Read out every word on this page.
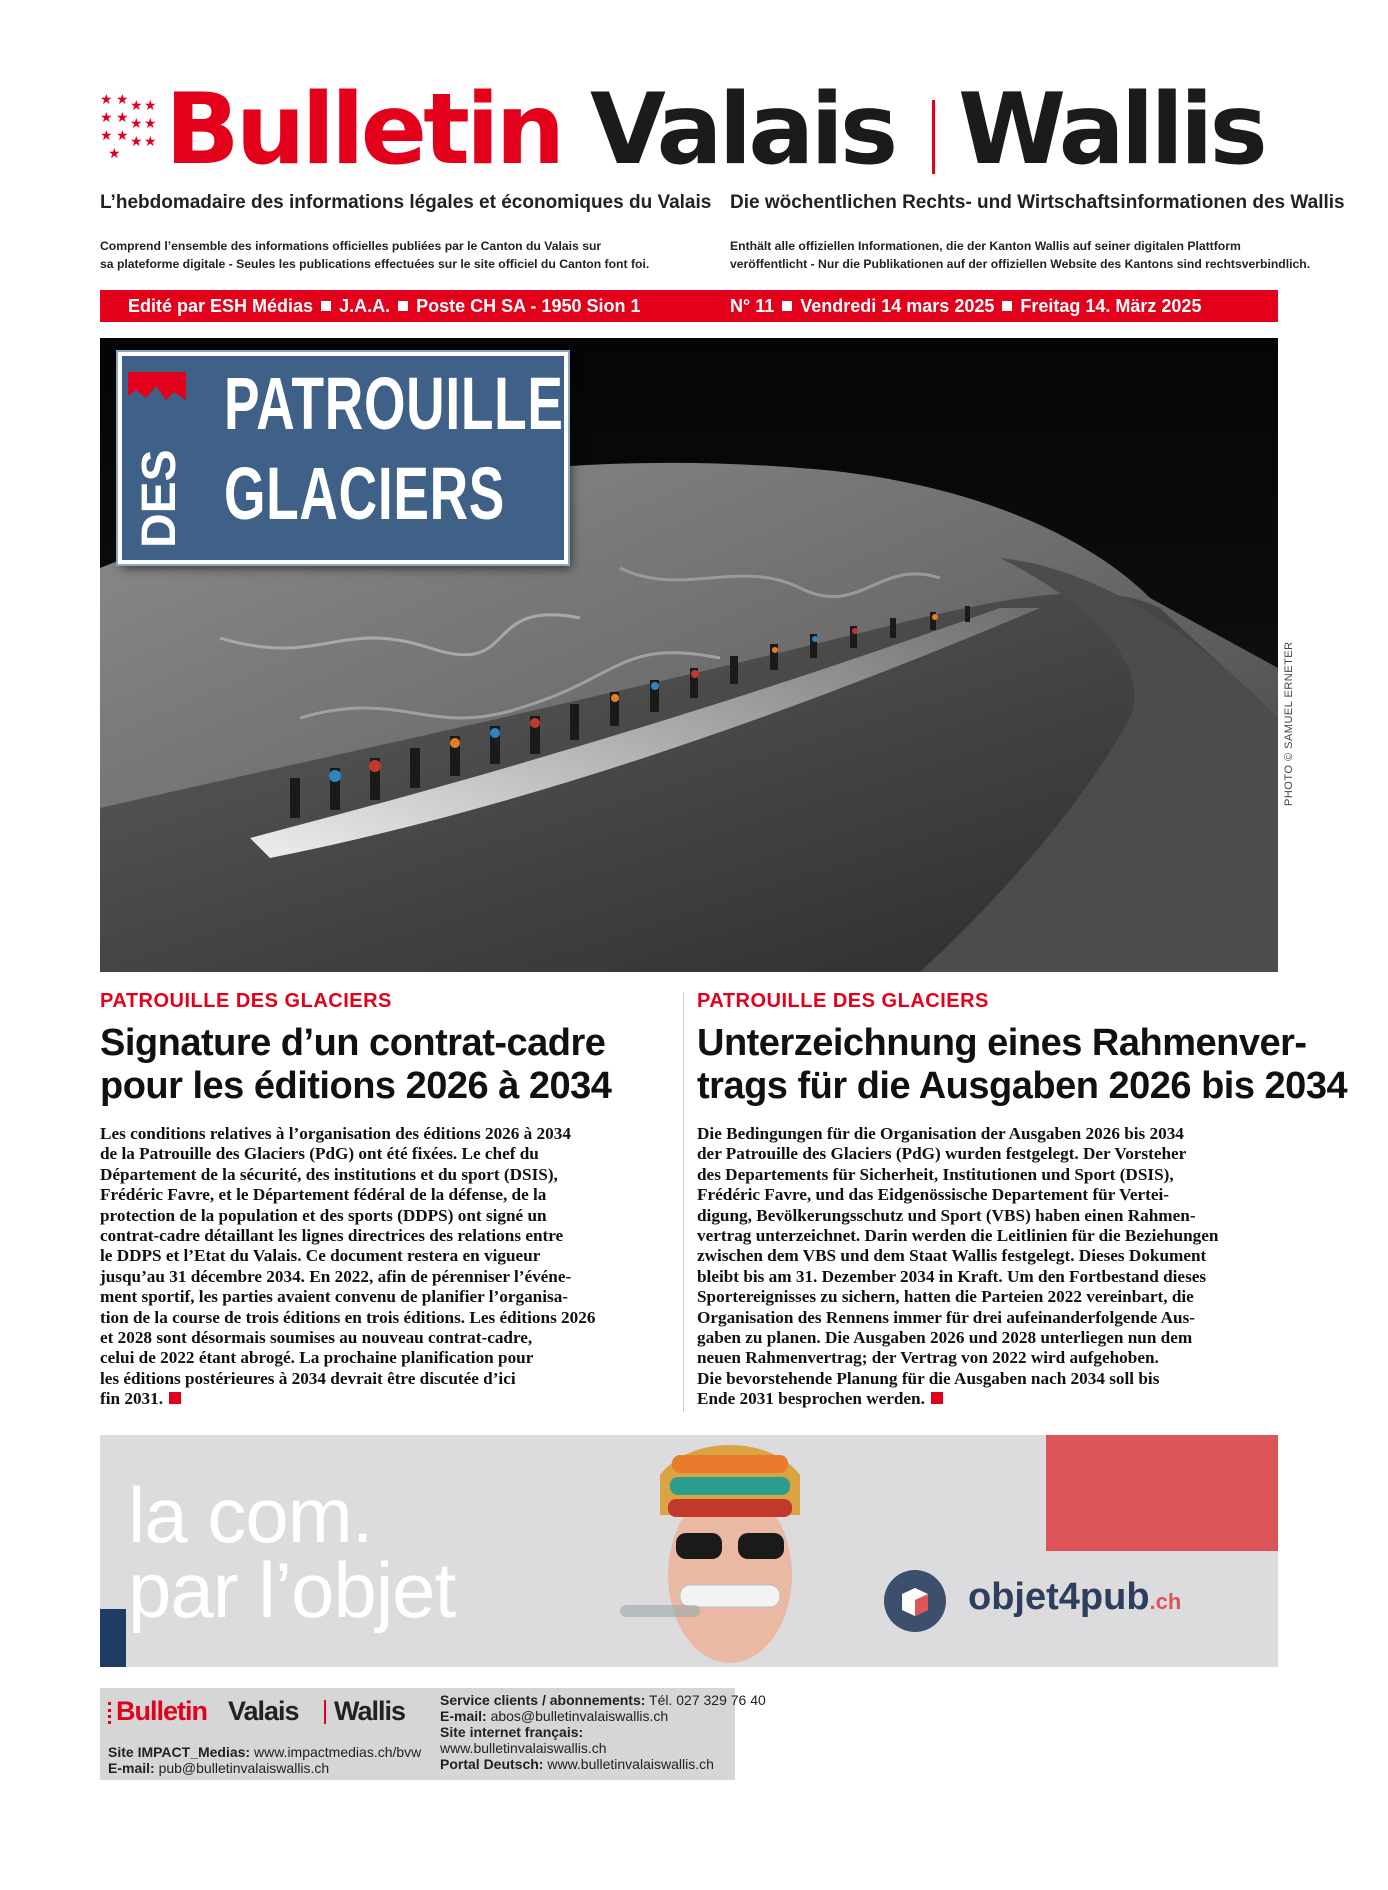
★ ★ ★ ★
★ ★ ★ ★
★ ★ ★ ★
★ Bulletin Valais Wallis
L’hebdomadaire des informations légales et économiques du Valais Die wöchentlichen Rechts- und Wirtschaftsinformationen des Wallis
Comprend l’ensemble des informations officielles publiées par le Canton du Valais sur
sa plateforme digitale - Seules les publications effectuées sur le site officiel du Canton font foi.
Enthält alle offiziellen Informationen, die der Kanton Wallis auf seiner digitalen Plattform
veröffentlicht - Nur die Publikationen auf der offiziellen Website des Kantons sind rechtsverbindlich.
Edité par ESH Médias J.A.A. Poste CH SA - 1950 Sion 1	N° 11 Vendredi 14 mars 2025 Freitag 14. März 2025
PATROUILLE
DES GLACIERS
PHOTO © SAMUEL ERNETER
PATROUILLE DES GLACIERS
Signature d’un contrat-cadre
pour les éditions 2026 à 2034
Les conditions relatives à l’organisation des éditions 2026 à 2034
de la Patrouille des Glaciers (PdG) ont été fixées. Le chef du
Département de la sécurité, des institutions et du sport (DSIS),
Frédéric Favre, et le Département fédéral de la défense, de la
protection de la population et des sports (DDPS) ont signé un
contrat-cadre détaillant les lignes directrices des relations entre
le DDPS et l’Etat du Valais. Ce document restera en vigueur
jusqu’au 31 décembre 2034. En 2022, afin de pérenniser l’événe-
ment sportif, les parties avaient convenu de planifier l’organisa-
tion de la course de trois éditions en trois éditions. Les éditions 2026
et 2028 sont désormais soumises au nouveau contrat-cadre,
celui de 2022 étant abrogé. La prochaine planification pour
les éditions postérieures à 2034 devrait être discutée d’ici
fin 2031.
PATROUILLE DES GLACIERS
Unterzeichnung eines Rahmenver-
trags für die Ausgaben 2026 bis 2034
Die Bedingungen für die Organisation der Ausgaben 2026 bis 2034
der Patrouille des Glaciers (PdG) wurden festgelegt. Der Vorsteher
des Departements für Sicherheit, Institutionen und Sport (DSIS),
Frédéric Favre, und das Eidgenössische Departement für Vertei-
digung, Bevölkerungsschutz und Sport (VBS) haben einen Rahmen-
vertrag unterzeichnet. Darin werden die Leitlinien für die Beziehungen
zwischen dem VBS und dem Staat Wallis festgelegt. Dieses Dokument
bleibt bis am 31. Dezember 2034 in Kraft. Um den Fortbestand dieses
Sportereignisses zu sichern, hatten die Parteien 2022 vereinbart, die
Organisation des Rennens immer für drei aufeinanderfolgende Aus-
gaben zu planen. Die Ausgaben 2026 und 2028 unterliegen nun dem
neuen Rahmenvertrag; der Vertrag von 2022 wird aufgehoben.
Die bevorstehende Planung für die Ausgaben nach 2034 soll bis
Ende 2031 besprochen werden.
la com.
par l’objet	objet4pub.ch
Bulletin Valais Wallis
Site IMPACT_Medias: www.impactmedias.ch/bvw
E-mail: pub@bulletinvalaiswallis.ch
Service clients / abonnements: Tél. 027 329 76 40
E-mail: abos@bulletinvalaiswallis.ch
Site internet français:
www.bulletinvalaiswallis.ch
Portal Deutsch: www.bulletinvalaiswallis.ch
